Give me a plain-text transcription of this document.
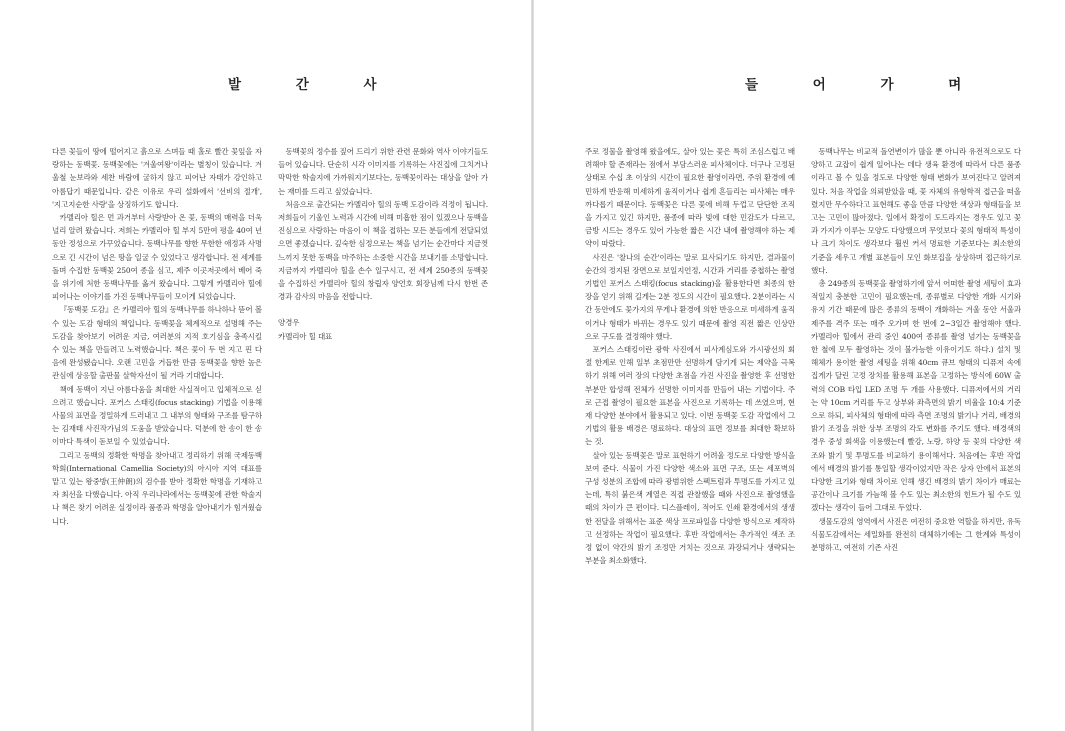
발 간 사

다른 꽃들이 땅에 떨어지고 흙으로 스며들 때 홀로 빨간 꽃잎을 자랑하는 동백꽃. 동백꽃에는 '겨울여왕'이라는 별칭이 있습니다. 겨울철 눈보라와 세찬 바람에 굴하지 않고 피어난 자태가 강인하고 아름답기 때문입니다. 같은 이유로 우리 설화에서 '선비의 절개', '지고지순한 사랑'을 상징하기도 합니다.

카멜리아 힐은 먼 과거부터 사랑받아 온 꽃, 동백의 매력을 더욱 널리 알려 왔습니다. 저희는 카멜리아 힐 부지 5만여 평을 40여 년 동안 정성으로 가꾸었습니다. 동백나무를 향한 무한한 애정과 사명으로 긴 시간이 넘은 땅을 일굴 수 있었다고 생각합니다. 전 세계를 돌며 수집한 동백꽃 250여 종을 심고, 제주 이곳저곳에서 베어 죽을 위기에 처한 동백나무를 옮겨 왔습니다. 그렇게 카멜리아 힐에 피어나는 이야기를 가진 동백나무들이 모이게 되었습니다.

『동백꽃 도감』은 카멜리아 힐의 동백나무를 하나하나 뜯어 볼 수 있는 도감 형태의 책입니다. 동백꽃을 체계적으로 설명해 주는 도감을 찾아보기 어려운 지금, 여러분의 지적 호기심을 충족시킬 수 있는 책을 만들려고 노력했습니다. 책은 꽃이 두 번 지고 핀 다음에 완성됐습니다. 오랜 고민을 거듭한 만큼 동백꽃을 향한 높은 관심에 상응할 출판물 살학자선이 될 거라 기대합니다.

책에 동백이 지닌 아름다움을 최대한 사실적이고 입체적으로 싣으려고 했습니다. 포커스 스태킹(focus stacking) 기법을 이용해 사물의 표면을 정밀하게 드러내고 그 내부의 형태와 구조를 탐구하는 김재태 사진작가님의 도움을 받았습니다. 덕분에 한 송이 한 송이마다 특색이 돋보일 수 있었습니다.

그리고 동백의 정확한 학명을 찾아내고 정리하기 위해 국제동백학회(International Camellia Society)의 아시아 지역 대표를 맡고 있는 왕중방(王仲朗)의 검수를 받아 정확한 학명을 기재하고자 최선을 다했습니다. 아직 우리나라에서는 동백꽃에 관한 학술지나 책은 찾기 어려운 실정이라 품종과 학명을 알아내기가 힘겨웠습니다.

동백꽃의 정수를 짚어 드리기 위한 관련 문화와 역사 이야기들도 들어 있습니다. 단순히 시각 이미지를 기록하는 사진집에 그치거나 막막한 학술지에 가까워지기보다는, 동백꽃이라는 대상을 알아 가는 재미를 드리고 싶었습니다.

처음으로 출간되는 카멜리아 힐의 동백 도감이라 걱정이 됩니다. 저희들이 기울인 노력과 시간에 비해 미흡한 점이 있겠으나 동백을 진심으로 사랑하는 마음이 이 책을 접하는 모든 분들에게 전달되었으면 좋겠습니다. 깊숙한 심정으로는 책을 넘기는 순간마다 지금껏 느끼지 못한 동백을 마주하는 소중한 시간을 보내기를 소망합니다. 지금까지 카멜리아 힐을 손수 일구시고, 전 세계 250종의 동백꽃을 수집하신 카멜리아 힐의 창립자 양언호 회장님께 다시 한번 존경과 감사의 마음을 전합니다.

양경우

카멜리아 힐 대표

들 어 가 며

주로 정물을 촬영해 왔을에도, 살아 있는 꽃은 특히 조심스럽고 배려해야 할 존재라는 점에서 부담스러운 피사체이다. 더구나 고정된 상태로 수십 초 이상의 시간이 필요한 촬영이라면, 주위 환경에 예민하게 반응해 미세하게 움직이거나 쉽게 흔들리는 피사체는 매우 까다롭기 때문이다. 동백꽃은 다른 꽃에 비해 두껍고 단단한 조직을 가지고 있긴 하지만, 품종에 따라 빛에 대한 민감도가 다르고, 금방 시드는 경우도 있어 가능한 짧은 시간 내에 촬영해야 하는 제약이 따랐다.

사진은 '찰나의 순간'이라는 말로 묘사되기도 하지만, 결과물이 순간의 정지된 장면으로 보일지언정, 시간과 거리를 중첩하는 촬영 기법인 포커스 스태킹(focus stacking)을 활용한다면 최종의 한 장을 얻기 위해 길게는 2분 정도의 시간이 필요했다. 2분이라는 시간 동안에도 꽃가지의 무게나 환경에 의한 반응으로 미세하게 움직이거나 형태가 바뀌는 경우도 있기 때문에 촬영 직전 짧은 인상만으로 구도를 결정해야 했다.

포커스 스태킹이란 광학 사진에서 피사계심도와 가시광선의 회절 한계로 인해 일부 초점만만 선명하게 담기게 되는 제약을 극복하기 위해 여러 장의 다양한 초점을 가진 사진을 촬영한 후 선명한 부분만 합성해 전체가 선명한 이미지를 만들어 내는 기법이다. 주로 근접 촬영이 필요한 표본을 사진으로 기록하는 데 쓰였으며, 현재 다양한 분야에서 활용되고 있다. 이번 동백꽃 도감 작업에서 그 기법의 활용 배경은 명료하다. 대상의 표면 정보를 최대한 확보하는 것.

살아 있는 동백꽃은 말로 표현하기 어려울 정도로 다양한 방식을 보여 준다. 식물이 가진 다양한 색소와 표면 구조, 또는 세포벽의 구성 성분의 조합에 따라 광범위한 스펙트럼과 투명도를 가지고 있는데, 특히 붉은색 계열은 직접 관찰했을 때와 사진으로 촬영했을 때의 차이가 큰 편이다. 디스플레이, 적어도 인쇄 환경에서의 생생한 전달을 위해서는 표준 색상 프로파일을 다양한 방식으로 제작하고 선정하는 작업이 필요했다. 후반 작업에서는 추가적인 색조 조정 없이 약간의 밝기 조정만 거치는 것으로 과장되거나 생략되는 부분을 최소화했다.

동백나무는 비교적 돌연변이가 많을 뿐 아니라 유전적으로도 다양하고 교잡이 쉽게 일어나는 데다 생육 환경에 따라서 다른 품종이라고 볼 수 있을 정도로 다양한 형태 변화가 보여진다고 알려져 있다. 처음 작업을 의뢰받았을 때, 꽃 자체의 유형학적 접근을 떠올렸지만 무수하다고 표현해도 좋을 만큼 다양한 색상과 형태들을 보고는 고민이 많아졌다. 일에서 확정이 도드라지는 경우도 있고 꽃과 가지가 이루는 모양도 다양했으며 무엇보다 꽃의 형태적 특성이나 크기 차이도 생각보다 훨씬 커서 명료한 기준보다는 최소한의 기준을 세우고 개별 표본들이 모인 화보집을 상상하며 접근하기로 했다.

총 249종의 동백꽃을 촬영하기에 앞서 어떠한 촬영 세팅이 효과적일지 충분한 고민이 필요했는데, 종류별로 다양한 개화 시기와 유지 기간 때문에 많은 종류의 동백이 개화하는 겨울 동안 서울과 제주를 격주 또는 매주 오가며 한 번에 2~3일간 촬영해야 했다. 카멜리아 힐에서 관리 중인 400여 종류를 촬영 넘기는 동백꽃을 한 철에 모두 촬영하는 것이 불가능한 이유이기도 하다.) 설치 및 해체가 용이한 촬영 세팅을 위해 40cm 큐브 형태의 디퓨저 속에 집게가 달린 고정 장치를 활용해 표본을 고정하는 방식에 60W 출력의 COB 타입 LED 조명 두 개를 사용했다. 디퓨저에서의 거리는 약 10cm 거리를 두고 상부와 좌측면의 밝기 비율을 10:4 기준으로 하되, 피사체의 형태에 따라 측면 조명의 밝기나 거리, 배경의 밝기 조정을 위한 상부 조명의 각도 변화를 주기도 했다. 배경색의 경우 중성 회색을 이용했는데 빨강, 노랑, 하양 등 꽃의 다양한 색조와 밝기 및 투명도를 비교하기 용이해서다. 처음에는 후반 작업에서 배경의 밝기를 통일할 생각이었지만 작은 상자 안에서 표본의 다양한 크기와 형태 차이로 인해 생긴 배경의 밝기 차이가 매료는 공간이나 크기를 가늠해 볼 수도 있는 최소한의 힌트가 될 수도 있겠다는 생각이 들어 그대로 두었다.

생물도감의 영역에서 사진은 여전히 중요한 역할을 하지만, 유독 식물도감에서는 세밀화를 완전히 대체하기에는 그 한계와 특성이 분명하고, 여전히 기존 사진
